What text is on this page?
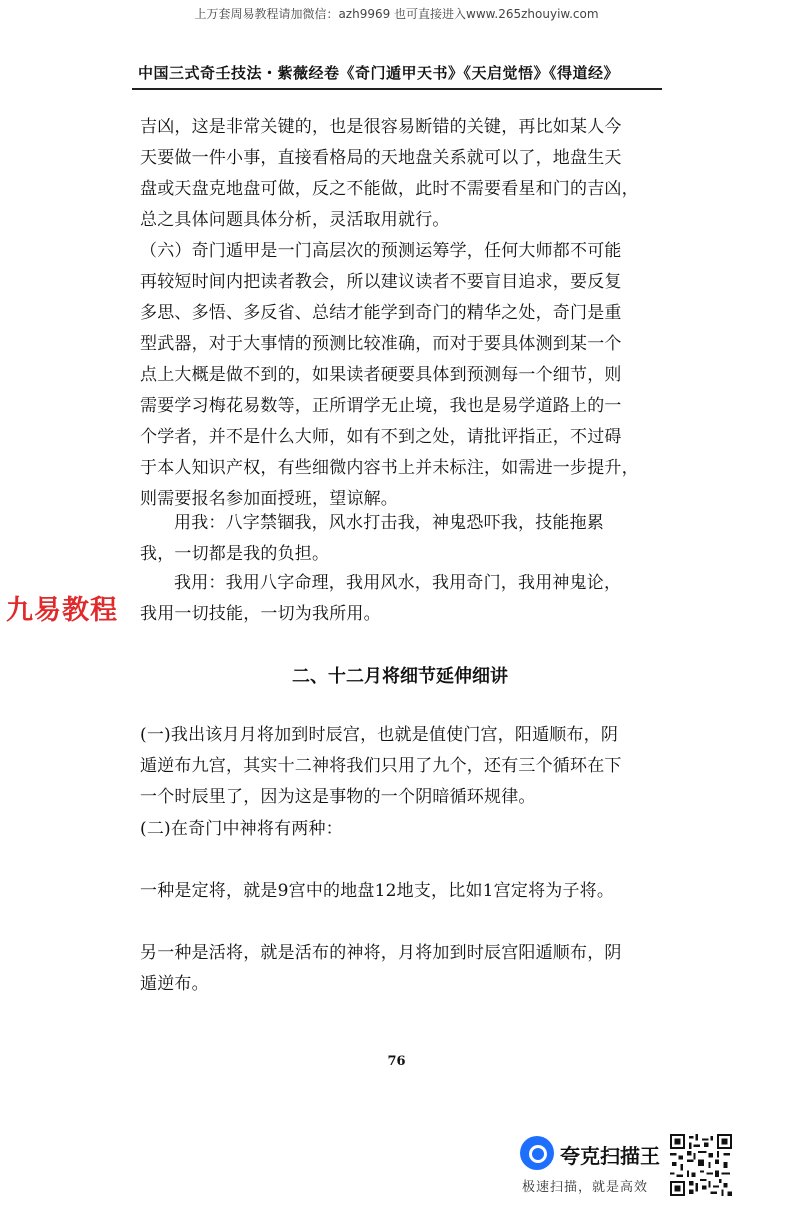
上万套周易教程请加微信：azh9969 也可直接进入www.265zhouyiw.com
中国三式奇壬技法・紫薇经卷《奇门遁甲天书》《天启觉悟》《得道经》
吉凶，这是非常关键的，也是很容易断错的关键，再比如某人今
天要做一件小事，直接看格局的天地盘关系就可以了，地盘生天
盘或天盘克地盘可做，反之不能做，此时不需要看星和门的吉凶，
总之具体问题具体分析，灵活取用就行。
（六）奇门遁甲是一门高层次的预测运筹学，任何大师都不可能
再较短时间内把读者教会，所以建议读者不要盲目追求，要反复
多思、多悟、多反省、总结才能学到奇门的精华之处，奇门是重
型武器，对于大事情的预测比较准确，而对于要具体测到某一个
点上大概是做不到的，如果读者硬要具体到预测每一个细节，则
需要学习梅花易数等，正所谓学无止境，我也是易学道路上的一
个学者，并不是什么大师，如有不到之处，请批评指正，不过碍
于本人知识产权，有些细微内容书上并未标注，如需进一步提升，
则需要报名参加面授班，望谅解。
用我：八字禁锢我，风水打击我，神鬼恐吓我，技能拖累
我，一切都是我的负担。
我用：我用八字命理，我用风水，我用奇门，我用神鬼论，
我用一切技能，一切为我所用。
二、十二月将细节延伸细讲
(一)我出该月月将加到时辰宫，也就是值使门宫，阳遁顺布，阴
遁逆布九宫，其实十二神将我们只用了九个，还有三个循环在下
一个时辰里了，因为这是事物的一个阴暗循环规律。
(二)在奇门中神将有两种：
一种是定将，就是9宫中的地盘12地支，比如1宫定将为子将。
另一种是活将，就是活布的神将，月将加到时辰宫阳遁顺布，阴
遁逆布。
76
九易教程
夸克扫描王
极速扫描，就是高效
